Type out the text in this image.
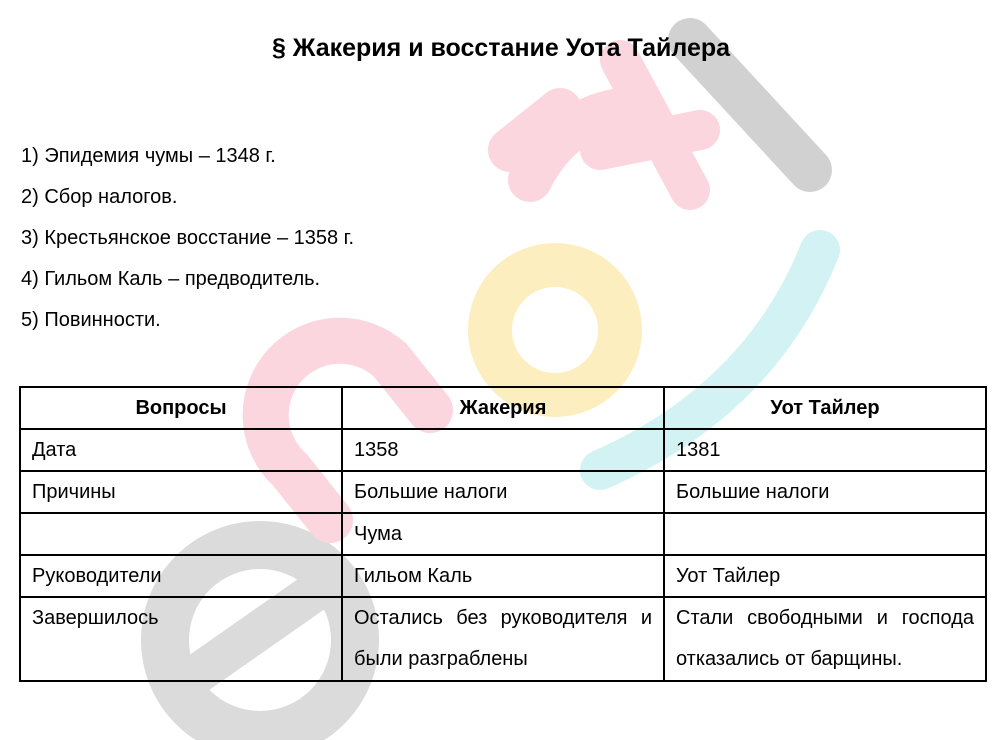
§ Жакерия и восстание Уота Тайлера
1) Эпидемия чумы – 1348 г.
2) Сбор налогов.
3) Крестьянское восстание – 1358 г.
4) Гильом Каль – предводитель.
5) Повинности.
Вопросы	Жакерия	Уот Тайлер
Дата	1358	1381
Причины	Большие налоги	Большие налоги
	Чума	
Руководители	Гильом Каль	Уот Тайлер
Завершилось	Остались без руководителя и были разграблены	Стали свободными и господа отказались от барщины.
